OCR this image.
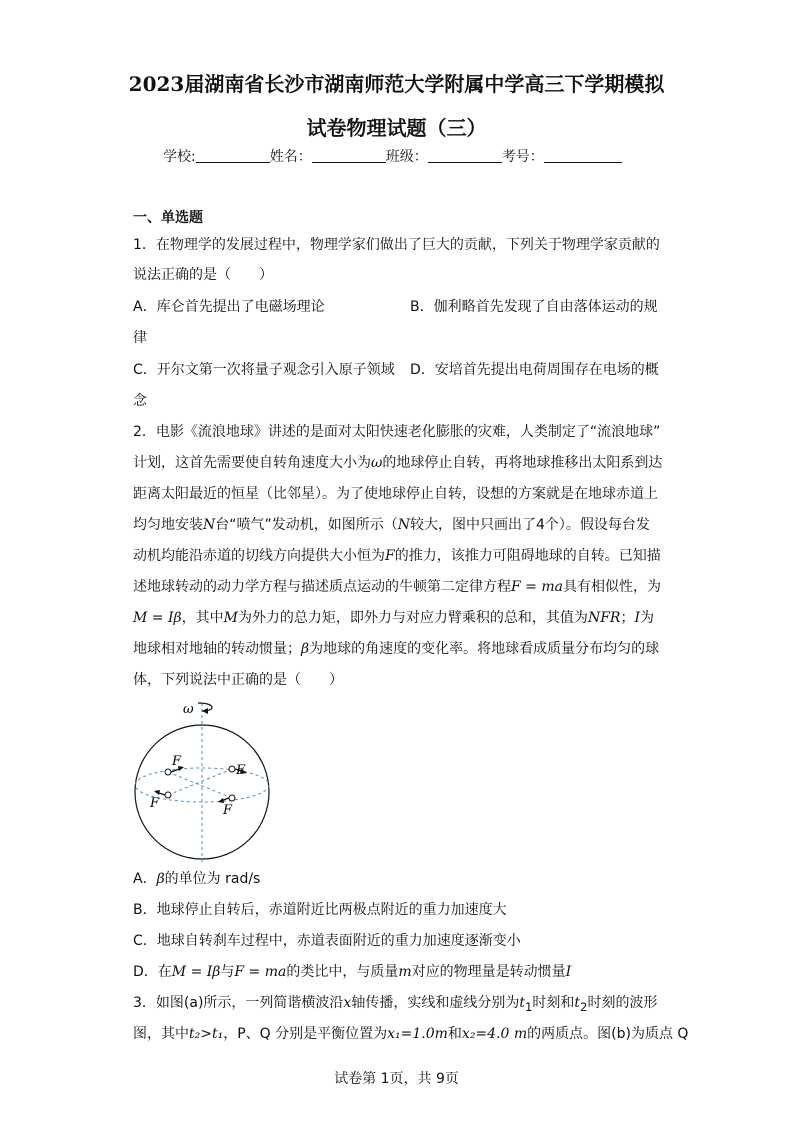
2023届湖南省长沙市湖南师范大学附属中学高三下学期模拟
试卷物理试题（三）
学校:	姓名：	班级：	考号：
一、单选题
1．在物理学的发展过程中，物理学家们做出了巨大的贡献，下列关于物理学家贡献的
说法正确的是（　　）
A．库仑首先提出了电磁场理论	B．伽利略首先发现了自由落体运动的规
律
C．开尔文第一次将量子观念引入原子领域 D．安培首先提出电荷周围存在电场的概
念
2．电影《流浪地球》讲述的是面对太阳快速老化膨胀的灾难，人类制定了“流浪地球”
计划，这首先需要使自转角速度大小为ω的地球停止自转，再将地球推移出太阳系到达
距离太阳最近的恒星（比邻星）。为了使地球停止自转，设想的方案就是在地球赤道上
均匀地安装N台“喷气”发动机，如图所示（N较大，图中只画出了4个）。假设每台发
动机均能沿赤道的切线方向提供大小恒为F的推力，该推力可阻碍地球的自转。已知描
述地球转动的动力学方程与描述质点运动的牛顿第二定律方程F = ma具有相似性，为
M = Iβ，其中M为外力的总力矩，即外力与对应力臂乘积的总和，其值为NFR；I为
地球相对地轴的转动惯量；β为地球的角速度的变化率。将地球看成质量分布均匀的球
体，下列说法中正确的是（　　）
ω
F
F
F	F
A．β的单位为 rad/s
B．地球停止自转后，赤道附近比两极点附近的重力加速度大
C．地球自转刹车过程中，赤道表面附近的重力加速度逐渐变小
D．在M = Iβ与F = ma的类比中，与质量m对应的物理量是转动惯量I
3．如图(a)所示，一列简谐横波沿x轴传播，实线和虚线分别为$t_1$时刻和$t_2$时刻的波形
图，其中t₂>t₁，P、Q 分别是平衡位置为x₁=1.0m和x₂=4.0 m的两质点。图(b)为质点 Q
试卷第 1页，共 9页
